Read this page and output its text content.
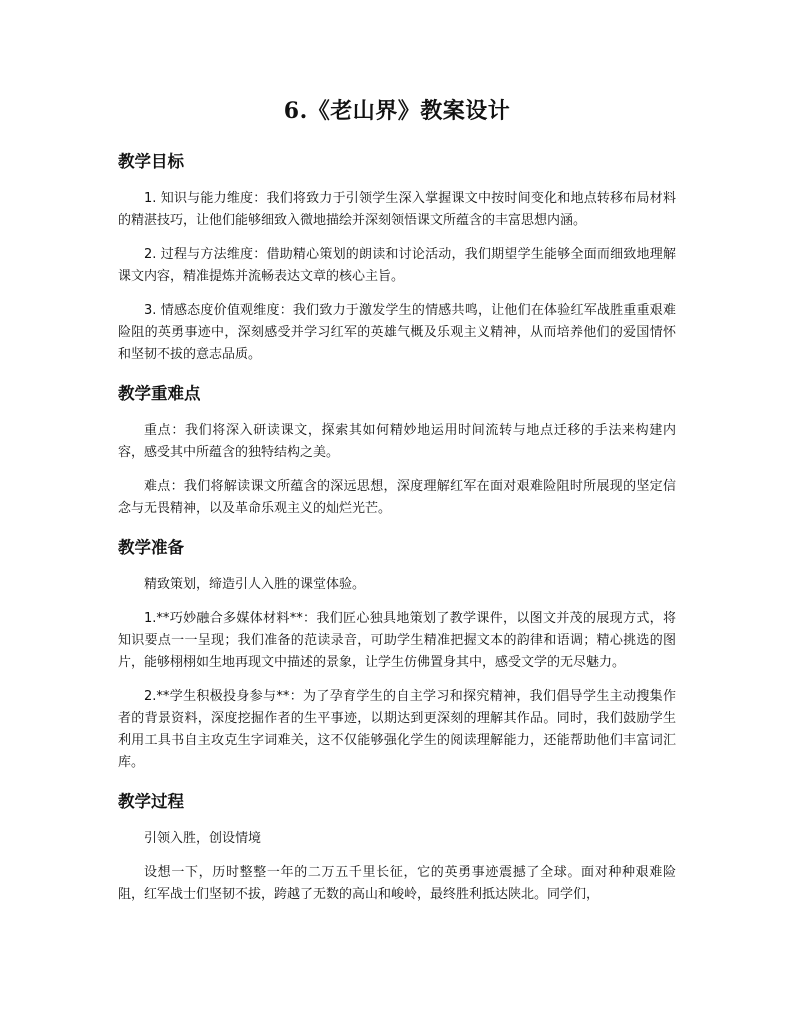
6.《老山界》教案设计
教学目标

1. 知识与能力维度：我们将致力于引领学生深入掌握课文中按时间变化和地点转移布局材料的精湛技巧，让他们能够细致入微地描绘并深刻领悟课文所蕴含的丰富思想内涵。

2. 过程与方法维度：借助精心策划的朗读和讨论活动，我们期望学生能够全面而细致地理解课文内容，精准提炼并流畅表达文章的核心主旨。

3. 情感态度价值观维度：我们致力于激发学生的情感共鸣，让他们在体验红军战胜重重艰难险阻的英勇事迹中，深刻感受并学习红军的英雄气概及乐观主义精神，从而培养他们的爱国情怀和坚韧不拔的意志品质。

教学重难点

重点：我们将深入研读课文，探索其如何精妙地运用时间流转与地点迁移的手法来构建内容，感受其中所蕴含的独特结构之美。

难点：我们将解读课文所蕴含的深远思想，深度理解红军在面对艰难险阻时所展现的坚定信念与无畏精神，以及革命乐观主义的灿烂光芒。

教学准备

精致策划，缔造引人入胜的课堂体验。

1.**巧妙融合多媒体材料**：我们匠心独具地策划了教学课件，以图文并茂的展现方式，将知识要点一一呈现；我们准备的范读录音，可助学生精准把握文本的韵律和语调；精心挑选的图片，能够栩栩如生地再现文中描述的景象，让学生仿佛置身其中，感受文学的无尽魅力。

2.**学生积极投身参与**：为了孕育学生的自主学习和探究精神，我们倡导学生主动搜集作者的背景资料，深度挖掘作者的生平事迹，以期达到更深刻的理解其作品。同时，我们鼓励学生利用工具书自主攻克生字词难关，这不仅能够强化学生的阅读理解能力，还能帮助他们丰富词汇库。

教学过程

引领入胜，创设情境

设想一下，历时整整一年的二万五千里长征，它的英勇事迹震撼了全球。面对种种艰难险阻，红军战士们坚韧不拔，跨越了无数的高山和峻岭，最终胜利抵达陕北。同学们，
